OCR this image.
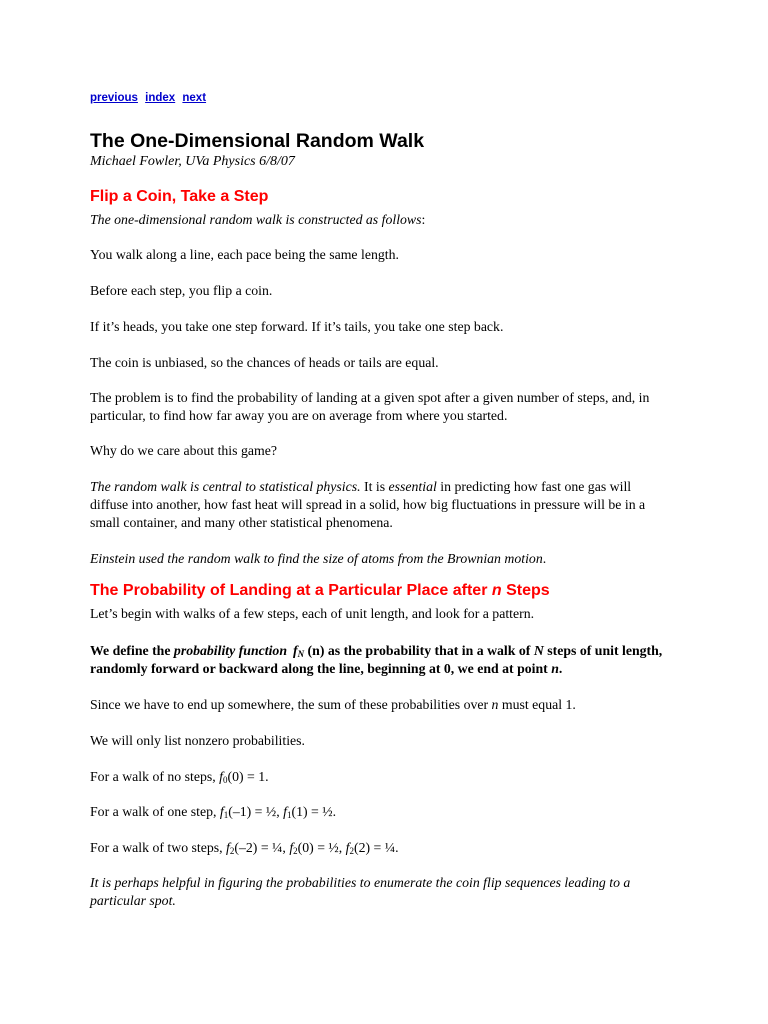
previous index next
The One-Dimensional Random Walk
Michael Fowler, UVa Physics 6/8/07
Flip a Coin, Take a Step

The one-dimensional random walk is constructed as follows:

You walk along a line, each pace being the same length.

Before each step, you flip a coin.

If it’s heads, you take one step forward. If it’s tails, you take one step back.

The coin is unbiased, so the chances of heads or tails are equal.

The problem is to find the probability of landing at a given spot after a given number of steps, and, in particular, to find how far away you are on average from where you started.

Why do we care about this game?

The random walk is central to statistical physics. It is essential in predicting how fast one gas will diffuse into another, how fast heat will spread in a solid, how big fluctuations in pressure will be in a small container, and many other statistical phenomena.

Einstein used the random walk to find the size of atoms from the Brownian motion.

The Probability of Landing at a Particular Place after n Steps

Let’s begin with walks of a few steps, each of unit length, and look for a pattern.

We define the probability function $f_N$ (n) as the probability that in a walk of N steps of unit length, randomly forward or backward along the line, beginning at 0, we end at point n.

Since we have to end up somewhere, the sum of these probabilities over n must equal 1.

We will only list nonzero probabilities.

For a walk of no steps, $f_0(0) = 1$.

For a walk of one step, $f_1(-1)$ = ½, $f_1(1)$ = ½.

For a walk of two steps, $f_2(-2)$ = ¼, $f_2(0)$ = ½, $f_2(2)$ = ¼.

It is perhaps helpful in figuring the probabilities to enumerate the coin flip sequences leading to a particular spot.
